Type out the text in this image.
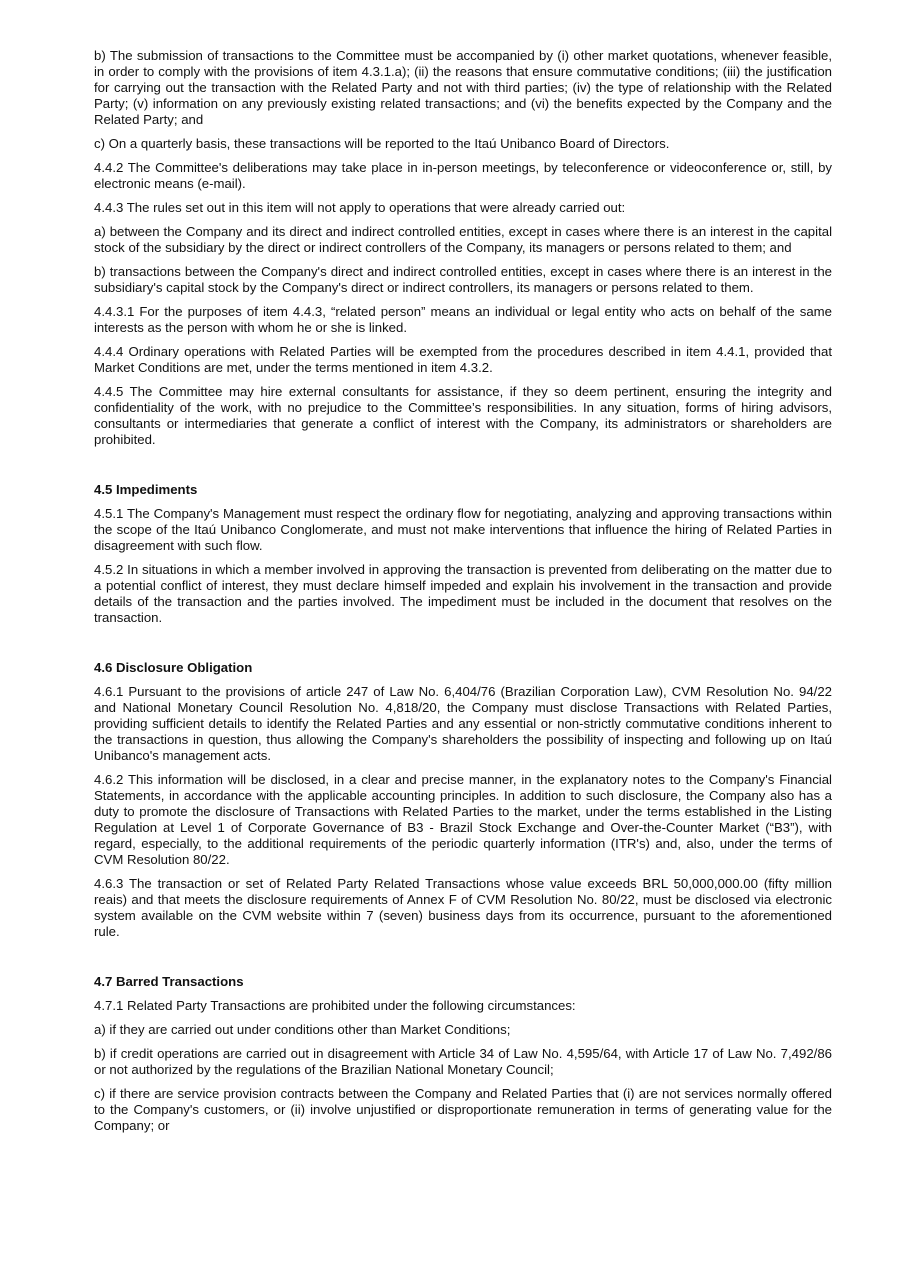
b) The submission of transactions to the Committee must be accompanied by (i) other market quotations, whenever feasible, in order to comply with the provisions of item 4.3.1.a); (ii) the reasons that ensure commutative conditions; (iii) the justification for carrying out the transaction with the Related Party and not with third parties; (iv) the type of relationship with the Related Party; (v) information on any previously existing related transactions; and (vi) the benefits expected by the Company and the Related Party; and

c) On a quarterly basis, these transactions will be reported to the Itaú Unibanco Board of Directors.

4.4.2 The Committee's deliberations may take place in in-person meetings, by teleconference or videoconference or, still, by electronic means (e-mail).

4.4.3 The rules set out in this item will not apply to operations that were already carried out:

a) between the Company and its direct and indirect controlled entities, except in cases where there is an interest in the capital stock of the subsidiary by the direct or indirect controllers of the Company, its managers or persons related to them; and

b) transactions between the Company's direct and indirect controlled entities, except in cases where there is an interest in the subsidiary's capital stock by the Company's direct or indirect controllers, its managers or persons related to them.

4.4.3.1 For the purposes of item 4.4.3, “related person” means an individual or legal entity who acts on behalf of the same interests as the person with whom he or she is linked.

4.4.4 Ordinary operations with Related Parties will be exempted from the procedures described in item 4.4.1, provided that Market Conditions are met, under the terms mentioned in item 4.3.2.

4.4.5 The Committee may hire external consultants for assistance, if they so deem pertinent, ensuring the integrity and confidentiality of the work, with no prejudice to the Committee’s responsibilities. In any situation, forms of hiring advisors, consultants or intermediaries that generate a conflict of interest with the Company, its administrators or shareholders are prohibited.

4.5 Impediments

4.5.1 The Company's Management must respect the ordinary flow for negotiating, analyzing and approving transactions within the scope of the Itaú Unibanco Conglomerate, and must not make interventions that influence the hiring of Related Parties in disagreement with such flow.

4.5.2 In situations in which a member involved in approving the transaction is prevented from deliberating on the matter due to a potential conflict of interest, they must declare himself impeded and explain his involvement in the transaction and provide details of the transaction and the parties involved. The impediment must be included in the document that resolves on the transaction.

4.6 Disclosure Obligation

4.6.1 Pursuant to the provisions of article 247 of Law No. 6,404/76 (Brazilian Corporation Law), CVM Resolution No. 94/22 and National Monetary Council Resolution No. 4,818/20, the Company must disclose Transactions with Related Parties, providing sufficient details to identify the Related Parties and any essential or non-strictly commutative conditions inherent to the transactions in question, thus allowing the Company's shareholders the possibility of inspecting and following up on Itaú Unibanco's management acts.

4.6.2 This information will be disclosed, in a clear and precise manner, in the explanatory notes to the Company's Financial Statements, in accordance with the applicable accounting principles. In addition to such disclosure, the Company also has a duty to promote the disclosure of Transactions with Related Parties to the market, under the terms established in the Listing Regulation at Level 1 of Corporate Governance of B3 - Brazil Stock Exchange and Over-the-Counter Market (“B3”), with regard, especially, to the additional requirements of the periodic quarterly information (ITR's) and, also, under the terms of CVM Resolution 80/22.

4.6.3 The transaction or set of Related Party Related Transactions whose value exceeds BRL 50,000,000.00 (fifty million reais) and that meets the disclosure requirements of Annex F of CVM Resolution No. 80/22, must be disclosed via electronic system available on the CVM website within 7 (seven) business days from its occurrence, pursuant to the aforementioned rule.

4.7 Barred Transactions

4.7.1 Related Party Transactions are prohibited under the following circumstances:

a) if they are carried out under conditions other than Market Conditions;

b) if credit operations are carried out in disagreement with Article 34 of Law No. 4,595/64, with Article 17 of Law No. 7,492/86 or not authorized by the regulations of the Brazilian National Monetary Council;

c) if there are service provision contracts between the Company and Related Parties that (i) are not services normally offered to the Company's customers, or (ii) involve unjustified or disproportionate remuneration in terms of generating value for the Company; or
